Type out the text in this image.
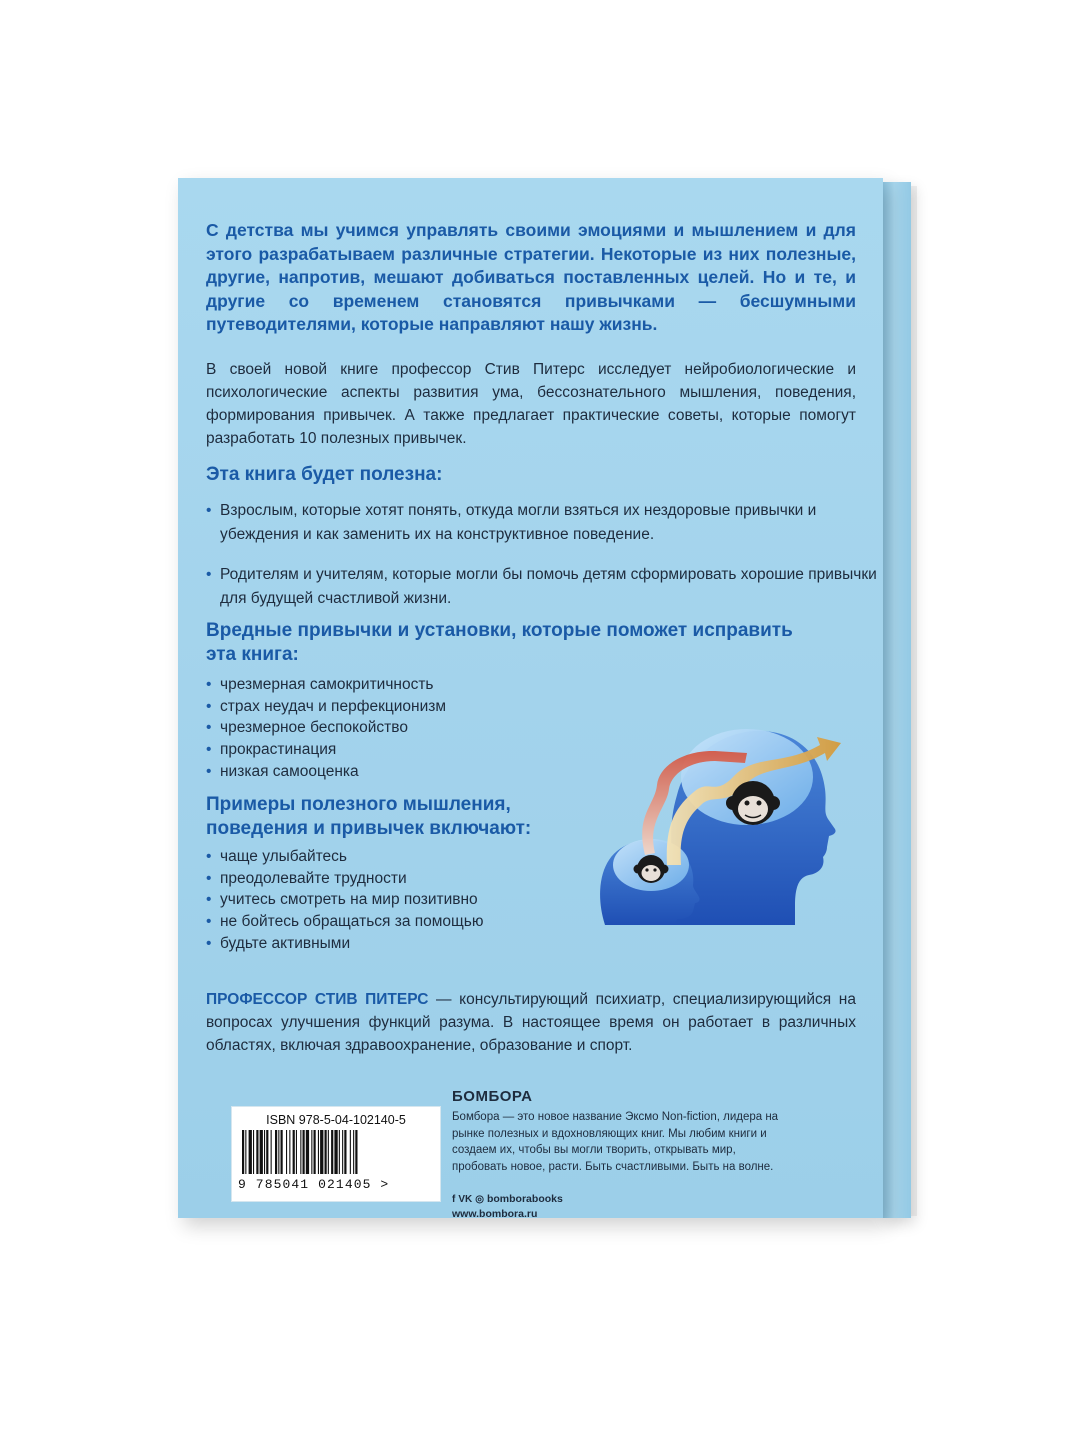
С детства мы учимся управлять своими эмоциями и мышлением и для этого разрабатываем различные стратегии. Некоторые из них полезные, другие, напротив, мешают добиваться поставленных целей. Но и те, и другие со временем становятся привычками — бесшумными путеводителями, которые направляют нашу жизнь.

В своей новой книге профессор Стив Питерс исследует нейробиологические и психологические аспекты развития ума, бессознательного мышления, поведения, формирования привычек. А также предлагает практические советы, которые помогут разработать 10 полезных привычек.

Эта книга будет полезна:
• Взрослым, которые хотят понять, откуда могли взяться их нездоровые привычки и убеждения и как заменить их на конструктивное поведение.
• Родителям и учителям, которые могли бы помочь детям сформировать хорошие привычки для будущей счастливой жизни.
Вредные привычки и установки, которые поможет исправить эта книга:
• чрезмерная самокритичность
• страх неудач и перфекционизм
• чрезмерное беспокойство
• прокрастинация
• низкая самооценка
Примеры полезного мышления, поведения и привычек включают:
• чаще улыбайтесь
• преодолевайте трудности
• учитесь смотреть на мир позитивно
• не бойтесь обращаться за помощью
• будьте активными

ПРОФЕССОР СТИВ ПИТЕРС — консультирующий психиатр, специализирующийся на вопросах улучшения функций разума. В настоящее время он работает в различных областях, включая здравоохранение, образование и спорт.

ISBN 978-5-04-102140-5

9 785041 021405 >

БОМБОРА

Бомбора — это новое название Эксмо Non-fiction, лидера на рынке полезных и вдохновляющих книг. Мы любим книги и создаем их, чтобы вы могли творить, открывать мир, пробовать новое, расти. Быть счастливыми. Быть на волне.

f VK ◎ bomborabooks

www.bombora.ru
